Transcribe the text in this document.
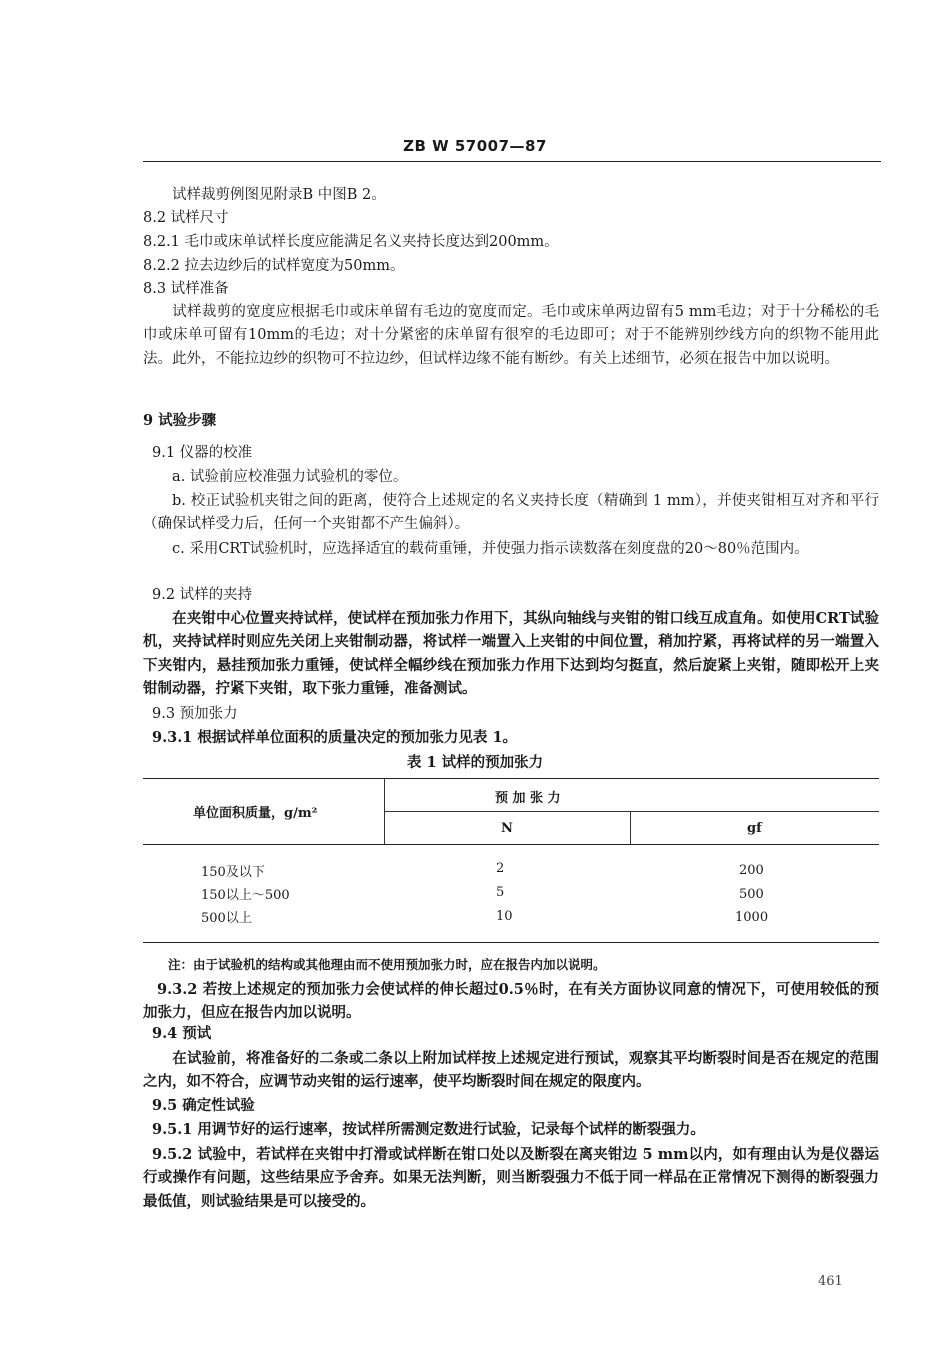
ZB W 57007—87
试样裁剪例图见附录B 中图B 2。
8.2 试样尺寸
8.2.1 毛巾或床单试样长度应能满足名义夹持长度达到200mm。
8.2.2 拉去边纱后的试样宽度为50mm。
8.3 试样准备
试样裁剪的宽度应根据毛巾或床单留有毛边的宽度而定。毛巾或床单两边留有5 mm毛边；对于十分稀松的毛巾或床单可留有10mm的毛边；对十分紧密的床单留有很窄的毛边即可；对于不能辨别纱线方向的织物不能用此法。此外，不能拉边纱的织物可不拉边纱，但试样边缘不能有断纱。有关上述细节，必须在报告中加以说明。
9 试验步骤
9.1 仪器的校准
a. 试验前应校准强力试验机的零位。
b. 校正试验机夹钳之间的距离，使符合上述规定的名义夹持长度（精确到 1 mm），并使夹钳相互对齐和平行（确保试样受力后，任何一个夹钳都不产生偏斜）。
c. 采用CRT试验机时，应选择适宜的载荷重锤，并使强力指示读数落在刻度盘的20～80％范围内。
9.2 试样的夹持
在夹钳中心位置夹持试样，使试样在预加张力作用下，其纵向轴线与夹钳的钳口线互成直角。如使用CRT试验机，夹持试样时则应先关闭上夹钳制动器，将试样一端置入上夹钳的中间位置，稍加拧紧，再将试样的另一端置入下夹钳内，悬挂预加张力重锤，使试样全幅纱线在预加张力作用下达到均匀挺直，然后旋紧上夹钳，随即松开上夹钳制动器，拧紧下夹钳，取下张力重锤，准备测试。
9.3 预加张力
9.3.1 根据试样单位面积的质量决定的预加张力见表 1。
表 1 试样的预加张力
单位面积质量，g/m²
预 加 张 力
N	gf
150及以下	2	200
150以上～500	5	500
500以上	10	1000
注：由于试验机的结构或其他理由而不使用预加张力时，应在报告内加以说明。
9.3.2 若按上述规定的预加张力会使试样的伸长超过0.5％时，在有关方面协议同意的情况下，可使用较低的预加张力，但应在报告内加以说明。
9.4 预试
在试验前，将准备好的二条或二条以上附加试样按上述规定进行预试，观察其平均断裂时间是否在规定的范围之内，如不符合，应调节动夹钳的运行速率，使平均断裂时间在规定的限度内。
9.5 确定性试验
9.5.1 用调节好的运行速率，按试样所需测定数进行试验，记录每个试样的断裂强力。
9.5.2 试验中，若试样在夹钳中打滑或试样断在钳口处以及断裂在离夹钳边 5 mm以内，如有理由认为是仪器运行或操作有问题，这些结果应予舍弃。如果无法判断，则当断裂强力不低于同一样品在正常情况下测得的断裂强力最低值，则试验结果是可以接受的。
461
